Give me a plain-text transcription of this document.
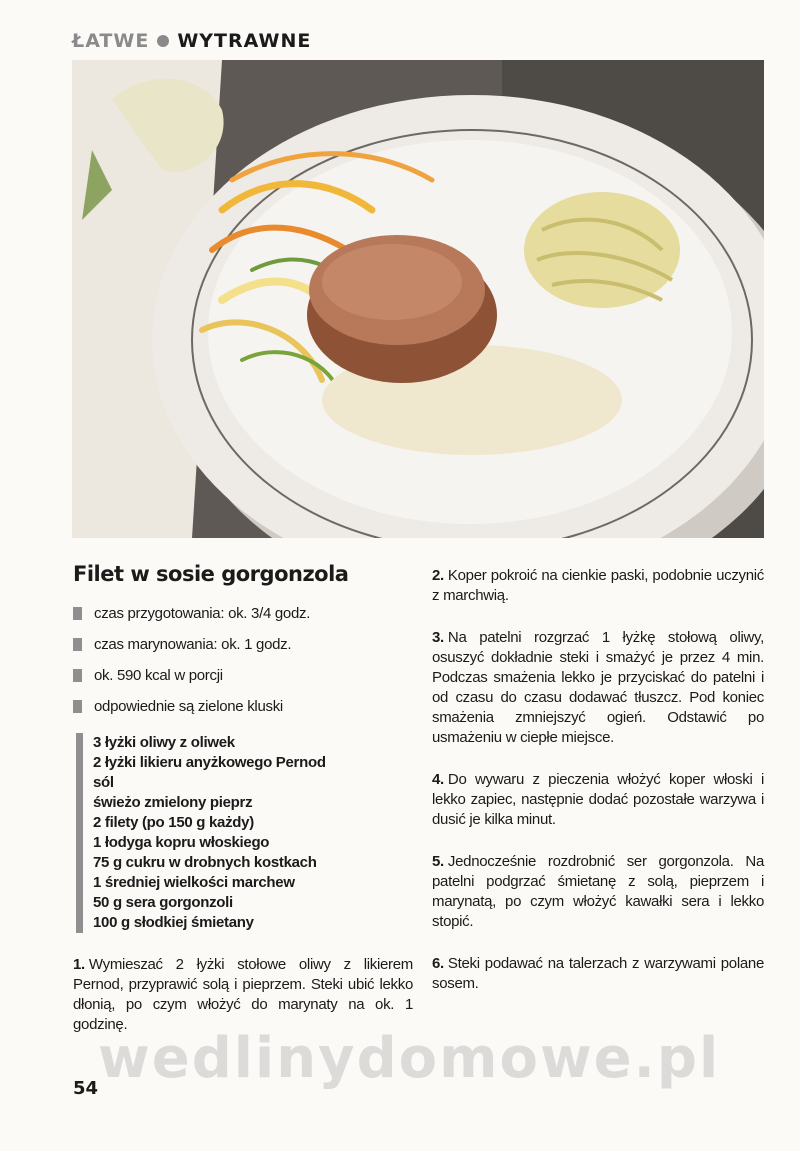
ŁATWE WYTRAWNE
Filet w sosie gorgonzola
czas przygotowania: ok. 3/4 godz.
czas marynowania: ok. 1 godz.
ok. 590 kcal w porcji
odpowiednie są zielone kluski
3 łyżki oliwy z oliwek
2 łyżki likieru anyżkowego Pernod
sól
świeżo zmielony pieprz
2 filety (po 150 g każdy)
1 łodyga kopru włoskiego
75 g cukru w drobnych kostkach
1 średniej wielkości marchew
50 g sera gorgonzoli
100 g słodkiej śmietany

1. Wymieszać 2 łyżki stołowe oliwy z likierem Pernod, przyprawić solą i pieprzem. Steki ubić lekko dłonią, po czym włożyć do marynaty na ok. 1 godzinę.

2. Koper pokroić na cienkie paski, podobnie uczynić z marchwią.

3. Na patelni rozgrzać 1 łyżkę stołową oliwy, osuszyć dokładnie steki i smażyć je przez 4 min. Podczas smażenia lekko je przyciskać do patelni i od czasu do czasu dodawać tłuszcz. Pod koniec smażenia zmniejszyć ogień. Odstawić po usmażeniu w ciepłe miejsce.

4. Do wywaru z pieczenia włożyć koper włoski i lekko zapiec, następnie dodać pozostałe warzywa i dusić je kilka minut.

5. Jednocześnie rozdrobnić ser gorgonzola. Na patelni podgrzać śmietanę z solą, pieprzem i marynatą, po czym włożyć kawałki sera i lekko stopić.

6. Steki podawać na talerzach z warzywami polane sosem.

wedlinydomowe.pl
54
